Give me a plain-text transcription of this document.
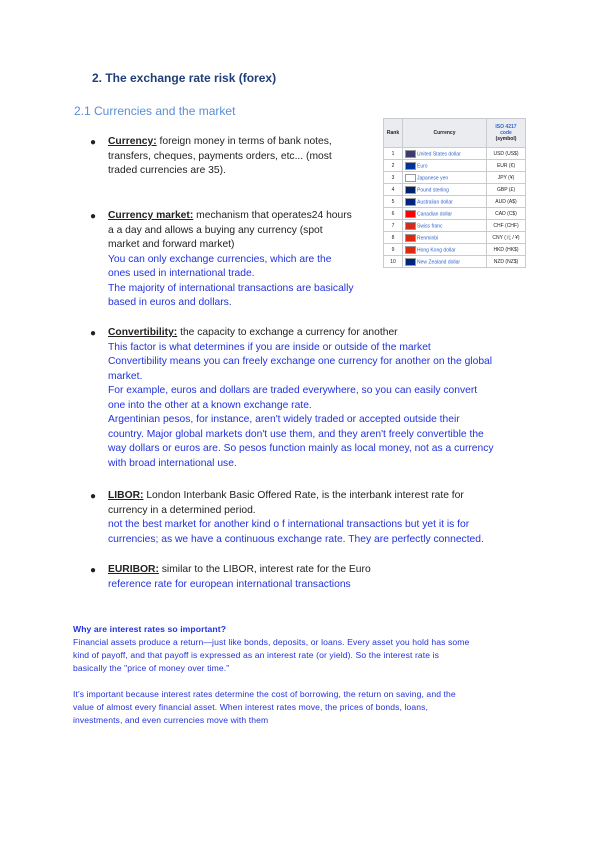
2. The exchange rate risk (forex)
2.1 Currencies and the market
Rank	Currency	ISO 4217 code
(symbol)
1	United States dollar	USD (US$)
2	Euro	EUR (€)
3	Japanese yen	JPY (¥)
4	Pound sterling	GBP (£)
5	Australian dollar	AUD (A$)
6	Canadian dollar	CAD (C$)
7	Swiss franc	CHF (CHF)
8	Renminbi	CNY (元 / ¥)
9	Hong Kong dollar	HKD (HK$)
10	New Zealand dollar	NZD (NZ$)
● Currency: foreign money in terms of bank notes,
transfers, cheques, payments orders, etc... (most
traded currencies are 35).
● Currency market: mechanism that operates24 hours
a a day and allows a buying any currency (spot
market and forward market)
You can only exchange currencies, which are the
ones used in international trade.
The majority of international transactions are basically
based in euros and dollars.
● Convertibility: the capacity to exchange a currency for another
This factor is what determines if you are inside or outside of the market
Convertibility means you can freely exchange one currency for another on the global
market.
For example, euros and dollars are traded everywhere, so you can easily convert
one into the other at a known exchange rate.
Argentinian pesos, for instance, aren't widely traded or accepted outside their
country. Major global markets don't use them, and they aren't freely convertible the
way dollars or euros are. So pesos function mainly as local money, not as a currency
with broad international use.
● LIBOR: London Interbank Basic Offered Rate, is the interbank interest rate for
currency in a determined period.
not the best market for another kind o f international transactions but yet it is for
currencies; as we have a continuous exchange rate. They are perfectly connected.
● EURIBOR: similar to the LIBOR, interest rate for the Euro
reference rate for european international transactions
Why are interest rates so important?
Financial assets produce a return—just like bonds, deposits, or loans. Every asset you hold has some
kind of payoff, and that payoff is expressed as an interest rate (or yield). So the interest rate is
basically the "price of money over time."
It's important because interest rates determine the cost of borrowing, the return on saving, and the
value of almost every financial asset. When interest rates move, the prices of bonds, loans,
investments, and even currencies move with them
